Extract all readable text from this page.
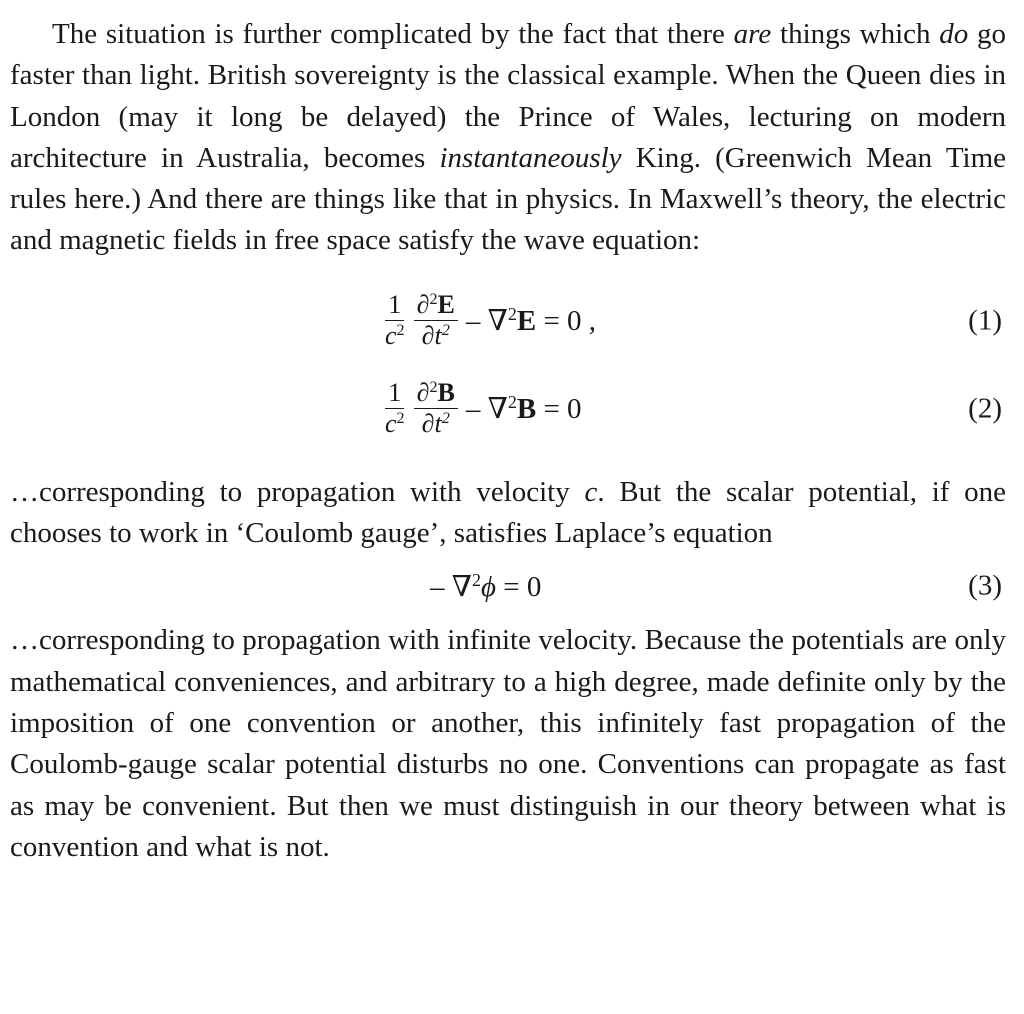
The situation is further complicated by the fact that there are things which do go faster than light. British sovereignty is the classical example. When the Queen dies in London (may it long be delayed) the Prince of Wales, lecturing on modern architecture in Australia, becomes instantaneously King. (Greenwich Mean Time rules here.) And there are things like that in physics. In Maxwell’s theory, the electric and magnetic fields in free space satisfy the wave equation:

$\frac{1}{c^2} \frac{\partial^2E}{\partial t^2} - \nabla^2E = 0$ ,	(1)
$\frac{1}{c^2} \frac{\partial^2B}{\partial t^2} - \nabla^2B = 0$	(2)

…corresponding to propagation with velocity c. But the scalar potential, if one chooses to work in ‘Coulomb gauge’, satisfies Laplace’s equation

– ∇$^2$ϕ = 0	(3)

…corresponding to propagation with infinite velocity. Because the potentials are only mathematical conveniences, and arbitrary to a high degree, made definite only by the imposition of one convention or another, this infinitely fast propagation of the Coulomb-gauge scalar potential disturbs no one. Conventions can propagate as fast as may be convenient. But then we must distinguish in our theory between what is convention and what is not.
